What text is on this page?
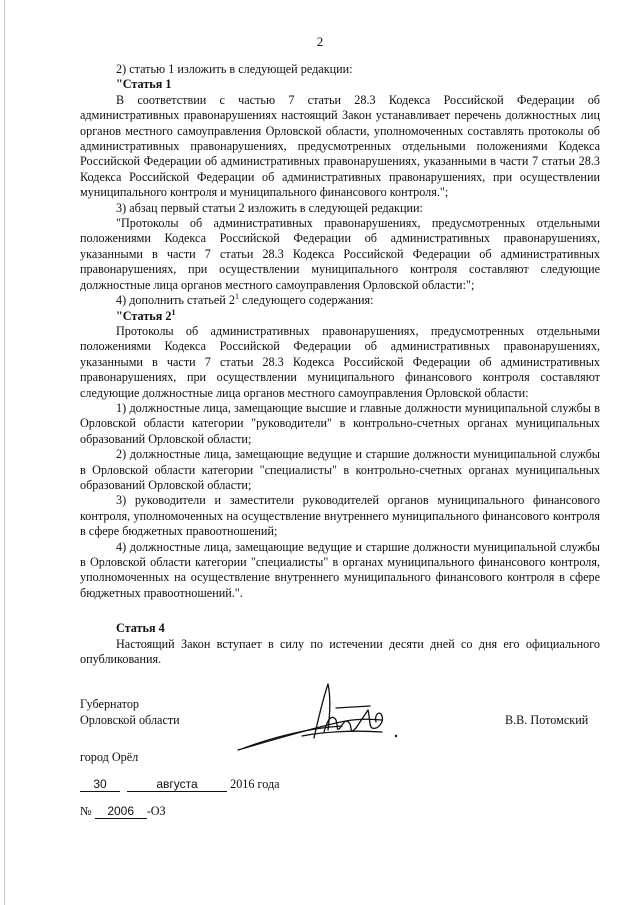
2

2) статью 1 изложить в следующей редакции:

"Статья 1

В соответствии с частью 7 статьи 28.3 Кодекса Российской Федерации об административных правонарушениях настоящий Закон устанавливает перечень должностных лиц органов местного самоуправления Орловской области, уполномоченных составлять протоколы об административных правонарушениях, предусмотренных отдельными положениями Кодекса Российской Федерации об административных правонарушениях, указанными в части 7 статьи 28.3 Кодекса Российской Федерации об административных правонарушениях, при осуществлении муниципального контроля и муниципального финансового контроля.";

3) абзац первый статьи 2 изложить в следующей редакции:

"Протоколы об административных правонарушениях, предусмотренных отдельными положениями Кодекса Российской Федерации об административных правонарушениях, указанными в части 7 статьи 28.3 Кодекса Российской Федерации об административных правонарушениях, при осуществлении муниципального контроля составляют следующие должностные лица органов местного самоуправления Орловской области:";

4) дополнить статьей $2^1$ следующего содержания:

"Статья $2^1$

Протоколы об административных правонарушениях, предусмотренных отдельными положениями Кодекса Российской Федерации об административных правонарушениях, указанными в части 7 статьи 28.3 Кодекса Российской Федерации об административных правонарушениях, при осуществлении муниципального финансового контроля составляют следующие должностные лица органов местного самоуправления Орловской области:

1) должностные лица, замещающие высшие и главные должности муниципальной службы в Орловской области категории "руководители" в контрольно-счетных органах муниципальных образований Орловской области;

2) должностные лица, замещающие ведущие и старшие должности муниципальной службы в Орловской области категории "специалисты" в контрольно-счетных органах муниципальных образований Орловской области;

3) руководители и заместители руководителей органов муниципального финансового контроля, уполномоченных на осуществление внутреннего муниципального финансового контроля в сфере бюджетных правоотношений;

4) должностные лица, замещающие ведущие и старшие должности муниципальной службы в Орловской области категории "специалисты" в органах муниципального финансового контроля, уполномоченных на осуществление внутреннего муниципального финансового контроля в сфере бюджетных правоотношений.".

Статья 4

Настоящий Закон вступает в силу по истечении десяти дней со дня его официального опубликования.

Губернатор
Орловской области	В.В. Потомский
город Орёл
30	августа	2016 года
№ 2006 -ОЗ
